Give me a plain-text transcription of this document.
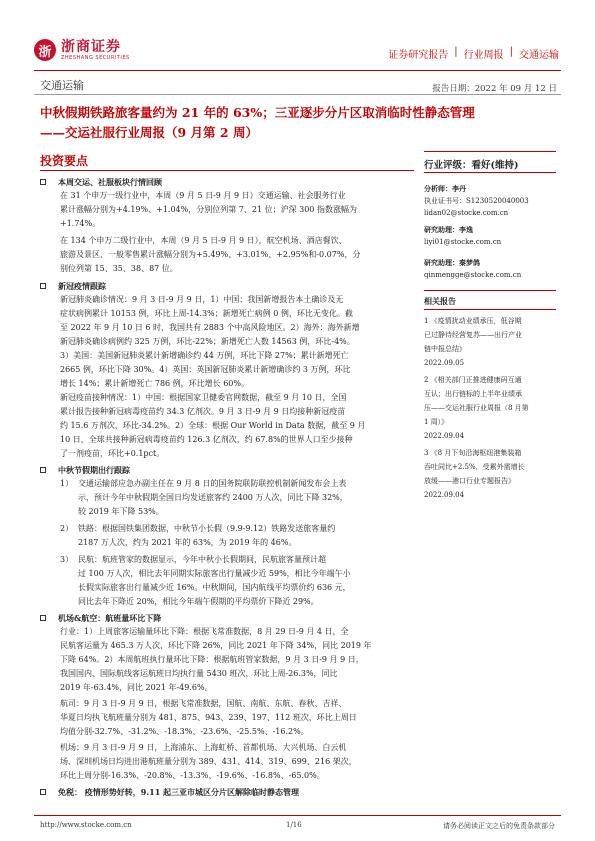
浙 浙商证券
ZHESHANG SECURITIES	证券研究报告 | 行业周报 | 交通运输
交通运输	报告日期：2022 年 09 月 12 日
中秋假期铁路旅客量约为 21 年的 63%；三亚逐步分片区取消临时性静态管理
——交运社服行业周报（9 月第 2 周）
投资要点
本周交运、社服板块行情回顾
在 31 个申万一级行业中，本周（9 月 5 日-9 月 9 日）交通运输、社会服务行业
累计涨幅分别为+4.19%、+1.04%，分别位列第 7、21 位；沪深 300 指数涨幅为
+1.74%。
在 134 个申万二级行业中，本周（9 月 5 日-9 月 9 日），航空机场、酒店餐饮、
旅游及景区、一般零售累计涨幅分别为+5.49%、+3.01%、+2.95%和-0.07%，分
别位列第 15、35、38、87 位。
新冠疫情跟踪
新冠肺炎确诊情况：9 月 3 日-9 月 9 日，1）中国：我国新增报告本土确诊及无
症状病例累计 10153 例，环比上周-14.3%；新增死亡病例 0 例，环比无变化。截
至 2022 年 9 月 10 日 6 时，我国共有 2883 个中高风险地区。2）海外：海外新增
新冠肺炎确诊病例约 325 万例，环比-22%；新增死亡人数 14563 例，环比-4%。
3）美国：美国新冠肺炎累计新增确诊约 44 万例，环比下降 27%；累计新增死亡
2665 例，环比下降 30%。4）英国：英国新冠肺炎累计新增确诊约 3 万例，环比
增长 14%；累计新增死亡 786 例，环比增长 60%。
新冠疫苗接种情况：1）中国：根据国家卫健委官网数据，截至 9 月 10 日，全国
累计报告接种新冠病毒疫苗约 34.3 亿剂次。9 月 3 日-9 月 9 日均接种新冠疫苗
约 15.6 万剂次，环比-34.2%。2）全球：根据 Our World in Data 数据，截至 9 月
10 日，全球共接种新冠病毒疫苗约 126.3 亿剂次，约 67.8%的世界人口至少接种
了一剂疫苗，环比+0.1pct。
中秋节假期出行跟踪
1） 交通运输部应急办副主任在 9 月 8 日的国务院联防联控机制新闻发布会上表
示，预计今年中秋假期全国日均发送旅客约 2400 万人次，同比下降 32%，
较 2019 年下降 53%。
2） 铁路：根据国铁集团数据，中秋节小长假（9.9-9.12）铁路发送旅客量约
2187 万人次，约为 2021 年的 63%，为 2019 年的 46%。
3） 民航：航班管家的数据显示，今年中秋小长假期间，民航旅客量预计超
过 100 万人次，相比去年同期实际旅客出行量减少近 59%，相比今年端午小
长假实际旅客出行量减少近 16%。中秋期间，国内航线平均票价约 636 元，
同比去年下降近 20%，相比今年端午假期的平均票价下降近 29%。
机场&航空：航班量环比下降
行业：1）上周旅客运输量环比下降：根据飞常准数据，8 月 29 日-9 月 4 日，全
民航客运量为 465.3 万人次，环比下降 26%，同比 2021 年下降 34%，同比 2019 年
下降 64%。2）本周航班执行量环比下降：根据航班管家数据，9 月 3 日-9 月 9 日，
我国国内、国际航线客运航班日均执行量 5430 班次，环比上周-26.3%，同比
2019 年-63.4%，同比 2021 年-49.6%。
航司：9 月 3 日-9 月 9 日，根据飞常准数据，国航、南航、东航、春秋、吉祥、
华夏日均执飞航班量分别为 481、875、943、239、197、112 班次，环比上周日
均值分别-32.7%、-31.2%、-18.3%、-23.6%、-25.5%、-16.2%。
机场：9 月 3 日-9 月 9 日，上海浦东、上海虹桥、首都机场、大兴机场、白云机
场、深圳机场日均进出港航班量分别为 389、431、414、319、699、216 架次，
环比上周分别-16.3%、-20.8%、-13.3%、-19.6%、-16.8%、-65.0%。
免税： 疫情形势好转，9.11 起三亚市城区分片区解除临时静态管理
行业评级：看好(维持)
分析师：李丹
执业证书号：S1230520040003
lidan02@stocke.com.cn
研究助理：李逸
liyi01@stocke.com.cn
研究助理：秦梦鸽
qinmengge@stocke.com.cn
相关报告
1 《疫情扰动业绩承压，低谷期
已过静待经营复苏——出行产业
链中报总结》
2022.09.05
2 《相关部门正推进健康码互通
互认；出行链标的上半年业绩承
压——交运社服行业周报（8 月第
1 周）》
2022.09.04
3 《8 月下旬沿海枢纽港集装箱
吞吐同比+2.5%，受累外需增长
放缓——港口行业专题报告》
2022.09.04
http://www.stocke.com.cn	1/16	请务必阅读正文之后的免责条款部分
